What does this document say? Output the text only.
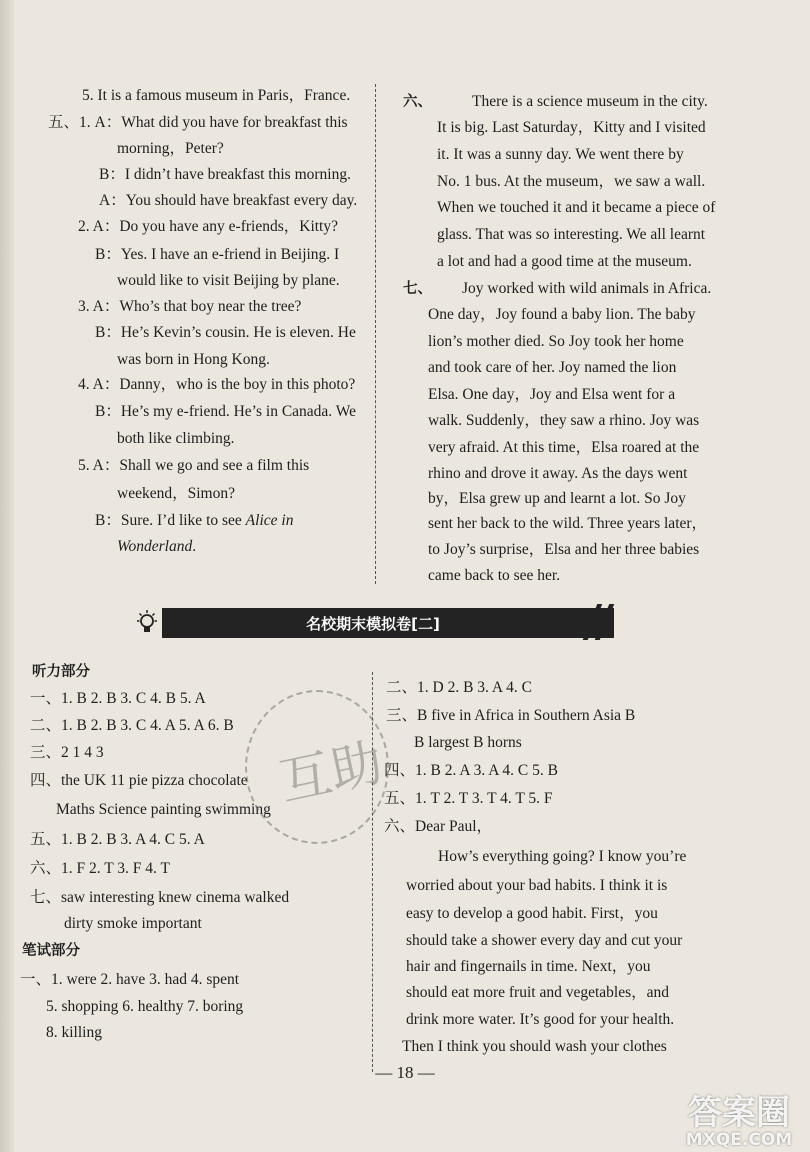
5. It is a famous museum in Paris，France.
五、1. A：What did you have for breakfast this
morning，Peter?
B：I didn’t have breakfast this morning.
A：You should have breakfast every day.
2. A：Do you have any e-friends，Kitty?
B：Yes. I have an e-friend in Beijing. I
would like to visit Beijing by plane.
3. A：Who’s that boy near the tree?
B：He’s Kevin’s cousin. He is eleven. He
was born in Hong Kong.
4. A：Danny，who is the boy in this photo?
B：He’s my e-friend. He’s in Canada. We
both like climbing.
5. A：Shall we go and see a film this
weekend，Simon?
B：Sure. I’d like to see Alice in
Wonderland.
六、	There is a science museum in the city.
It is big. Last Saturday，Kitty and I visited
it. It was a sunny day. We went there by
No. 1 bus. At the museum，we saw a wall.
When we touched it and it became a piece of
glass. That was so interesting. We all learnt
a lot and had a good time at the museum.
七、 Joy worked with wild animals in Africa.
One day，Joy found a baby lion. The baby
lion’s mother died. So Joy took her home
and took care of her. Joy named the lion
Elsa. One day，Joy and Elsa went for a
walk. Suddenly，they saw a rhino. Joy was
very afraid. At this time，Elsa roared at the
rhino and drove it away. As the days went
by，Elsa grew up and learnt a lot. So Joy
sent her back to the wild. Three years later，
to Joy’s surprise，Elsa and her three babies
came back to see her.
名校期末模拟卷[二]
听力部分
一、1. B 2. B 3. C 4. B 5. A
二、1. B 2. B 3. C 4. A 5. A 6. B
三、2 1 4 3
四、the UK 11 pie pizza chocolate
Maths Science painting swimming
五、1. B 2. B 3. A 4. C 5. A
六、1. F 2. T 3. F 4. T
七、saw interesting knew cinema walked
dirty smoke important
笔试部分
一、1. were 2. have 3. had 4. spent
5. shopping 6. healthy 7. boring
8. killing
二、1. D 2. B 3. A 4. C
三、B five in Africa in Southern Asia B
B largest B horns
四、1. B 2. A 3. A 4. C 5. B
五、1. T 2. T 3. T 4. T 5. F
六、Dear Paul，
How’s everything going? I know you’re
worried about your bad habits. I think it is
easy to develop a good habit. First，you
should take a shower every day and cut your
hair and fingernails in time. Next，you
should eat more fruit and vegetables，and
drink more water. It’s good for your health.
Then I think you should wash your clothes
互助
— 18 —
答案圈
MXQE.COM
